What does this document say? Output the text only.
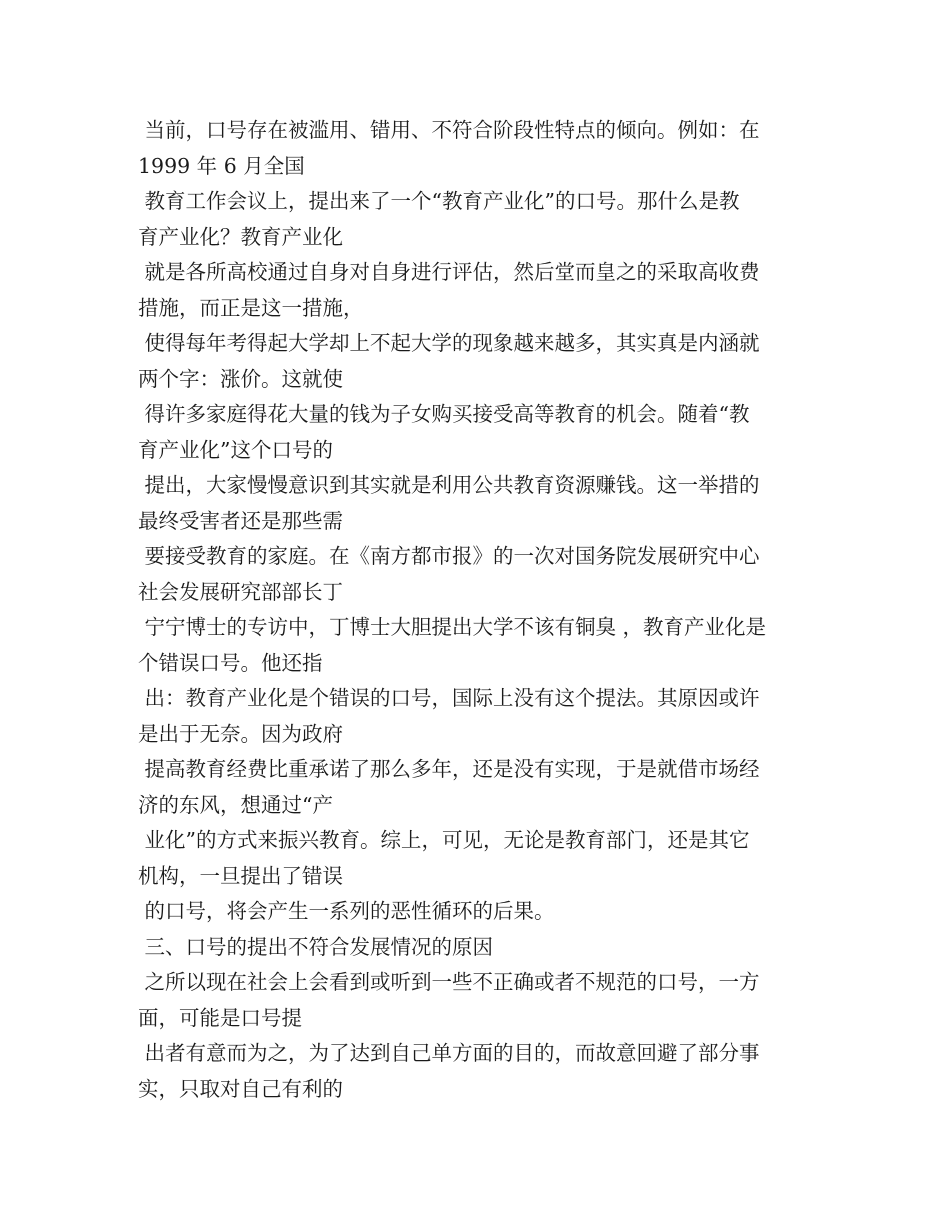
当前，口号存在被滥用、错用、不符合阶段性特点的倾向。例如：在
1999 年 6 月全国
教育工作会议上，提出来了一个“教育产业化”的口号。那什么是教
育产业化？教育产业化
就是各所高校通过自身对自身进行评估，然后堂而皇之的采取高收费
措施，而正是这一措施，
使得每年考得起大学却上不起大学的现象越来越多，其实真是内涵就
两个字：涨价。这就使
得许多家庭得花大量的钱为子女购买接受高等教育的机会。随着“教
育产业化”这个口号的
提出，大家慢慢意识到其实就是利用公共教育资源赚钱。这一举措的
最终受害者还是那些需
要接受教育的家庭。在《南方都市报》的一次对国务院发展研究中心
社会发展研究部部长丁
宁宁博士的专访中，丁博士大胆提出大学不该有铜臭 ，教育产业化是
个错误口号。他还指
出：教育产业化是个错误的口号，国际上没有这个提法。其原因或许
是出于无奈。因为政府
提高教育经费比重承诺了那么多年，还是没有实现，于是就借市场经
济的东风，想通过“产
业化”的方式来振兴教育。综上，可见，无论是教育部门，还是其它
机构，一旦提出了错误
的口号，将会产生一系列的恶性循环的后果。
三、口号的提出不符合发展情况的原因
之所以现在社会上会看到或听到一些不正确或者不规范的口号，一方
面，可能是口号提
出者有意而为之，为了达到自己单方面的目的，而故意回避了部分事
实，只取对自己有利的
